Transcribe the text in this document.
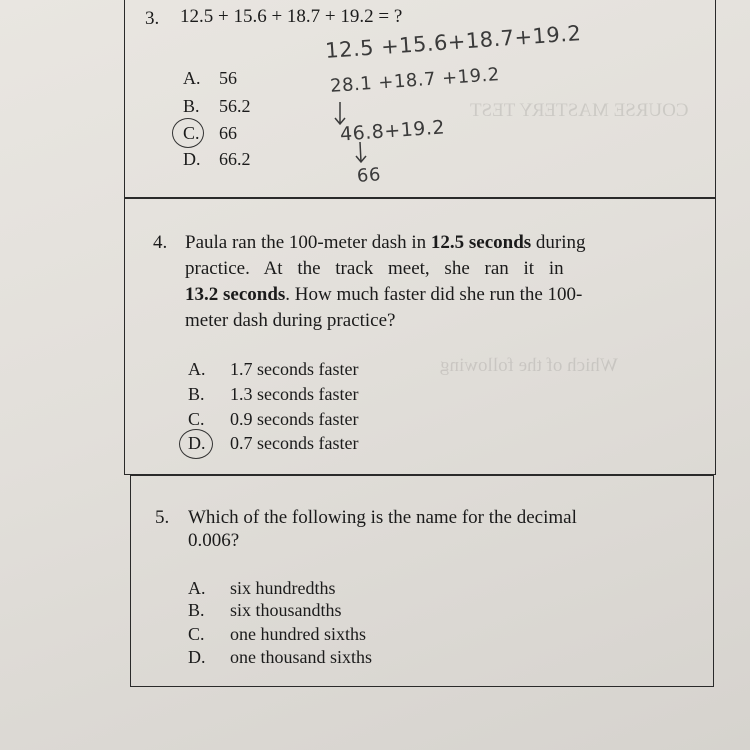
COURSE MASTERY TEST
Which of the following
3. 12.5 + 15.6 + 18.7 + 19.2 = ?
A. 56
B. 56.2
C. 66
D. 66.2
12.5 +15.6+18.7+19.2
28.1 +18.7 +19.2
46.8+19.2
66
4. Paula ran the 100-meter dash in 12.5 seconds during
practice. At the track meet, she ran it in
13.2 seconds. How much faster did she run the 100-
meter dash during practice?
A. 1.7 seconds faster
B. 1.3 seconds faster
C. 0.9 seconds faster
D. 0.7 seconds faster
5. Which of the following is the name for the decimal
0.006?
A. six hundredths
B. six thousandths
C. one hundred sixths
D. one thousand sixths
